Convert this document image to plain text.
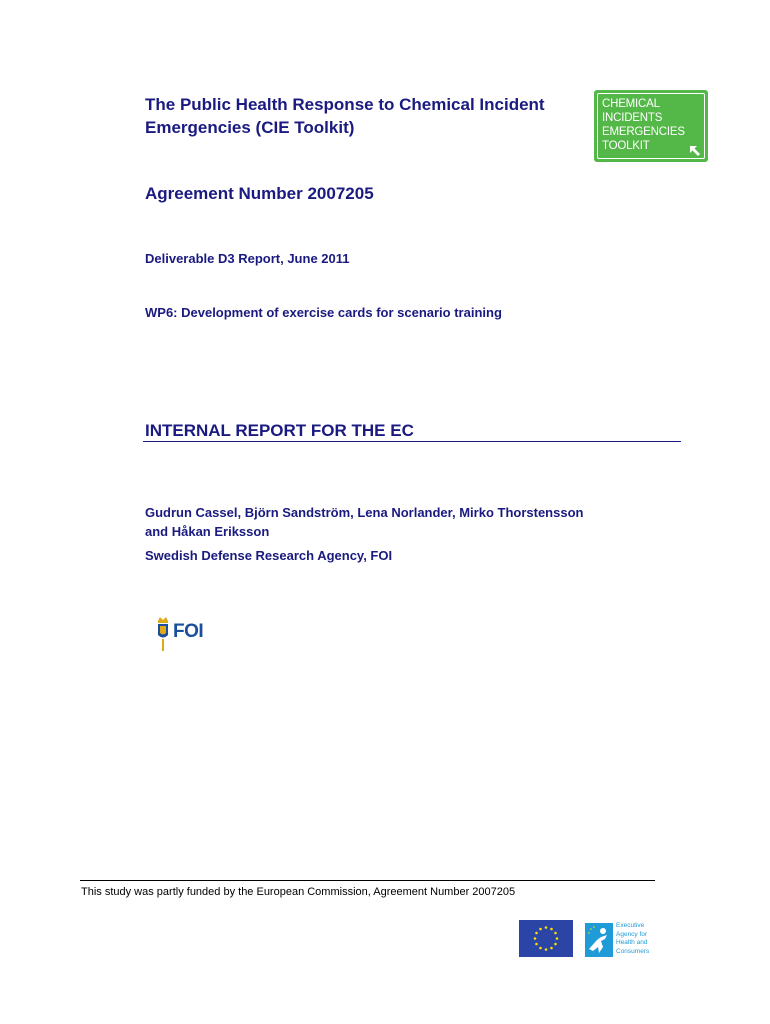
The Public Health Response to Chemical Incident
Emergencies (CIE Toolkit)
CHEMICAL
INCIDENTS
EMERGENCIES
TOOLKIT
Agreement Number 2007205
Deliverable D3 Report, June 2011
WP6: Development of exercise cards for scenario training
INTERNAL REPORT FOR THE EC
Gudrun Cassel, Björn Sandström, Lena Norlander, Mirko Thorstensson
and Håkan Eriksson
Swedish Defense Research Agency, FOI
FOI
This study was partly funded by the European Commission, Agreement Number 2007205
Executive
Agency for
Health and
Consumers
